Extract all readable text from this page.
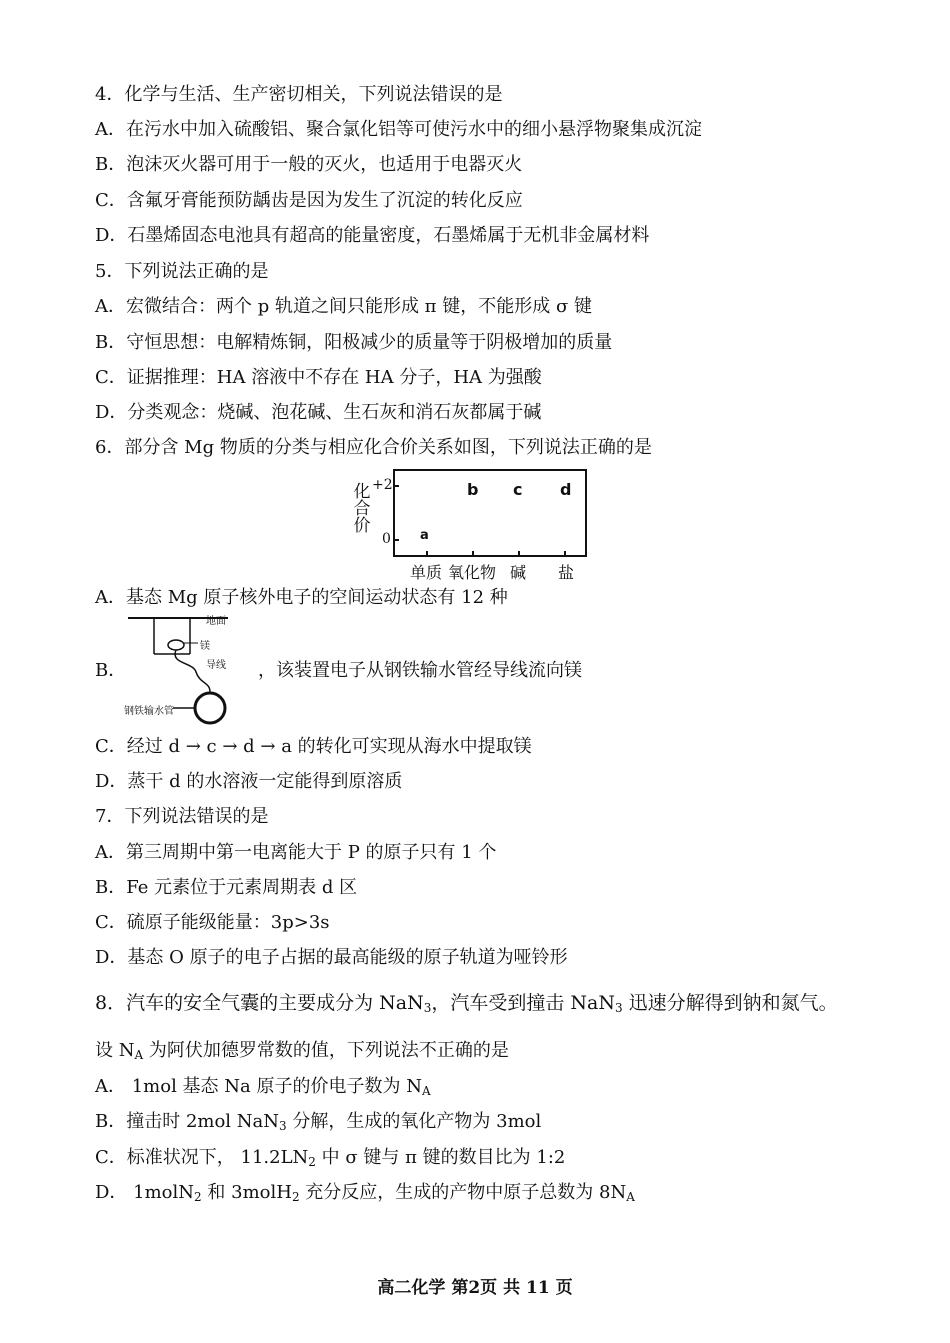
4．化学与生活、生产密切相关，下列说法错误的是
A．在污水中加入硫酸铝、聚合氯化铝等可使污水中的细小悬浮物聚集成沉淀
B．泡沫灭火器可用于一般的灭火，也适用于电器灭火
C．含氟牙膏能预防龋齿是因为发生了沉淀的转化反应
D．石墨烯固态电池具有超高的能量密度，石墨烯属于无机非金属材料
5．下列说法正确的是
A．宏微结合：两个 p 轨道之间只能形成 π 键，不能形成 σ 键
B．守恒思想：电解精炼铜，阳极减少的质量等于阴极增加的质量
C．证据推理：HA 溶液中不存在 HA 分子，HA 为强酸
D．分类观念：烧碱、泡花碱、生石灰和消石灰都属于碱
6．部分含 Mg 物质的分类与相应化合价关系如图，下列说法正确的是
化合价
+2
0 a
b c d
单质 氧化物 碱 盐
A．基态 Mg 原子核外电子的空间运动状态有 12 种
B．
地面
镁
导线
钢铁输水管
，该装置电子从钢铁输水管经导线流向镁
C．经过 d → c → d → a 的转化可实现从海水中提取镁
D．蒸干 d 的水溶液一定能得到原溶质
7．下列说法错误的是
A．第三周期中第一电离能大于 P 的原子只有 1 个
B．Fe 元素位于元素周期表 d 区
C．硫原子能级能量：3p>3s
D．基态 O 原子的电子占据的最高能级的原子轨道为哑铃形
8．汽车的安全气囊的主要成分为 NaN$_3$，汽车受到撞击 NaN$_3$ 迅速分解得到钠和氮气。
设 $N_A$ 为阿伏加德罗常数的值，下列说法不正确的是
A． 1mol 基态 Na 原子的价电子数为 $N_A$
B．撞击时 2mol NaN$_3$ 分解，生成的氧化产物为 3mol
C．标准状况下， $11.2LN_2$ 中 σ 键与 π 键的数目比为 1:2
D． 1molN$_2$ 和 3molH$_2$ 充分反应，生成的产物中原子总数为 $8N_A$
高二化学 第2页 共 11 页
